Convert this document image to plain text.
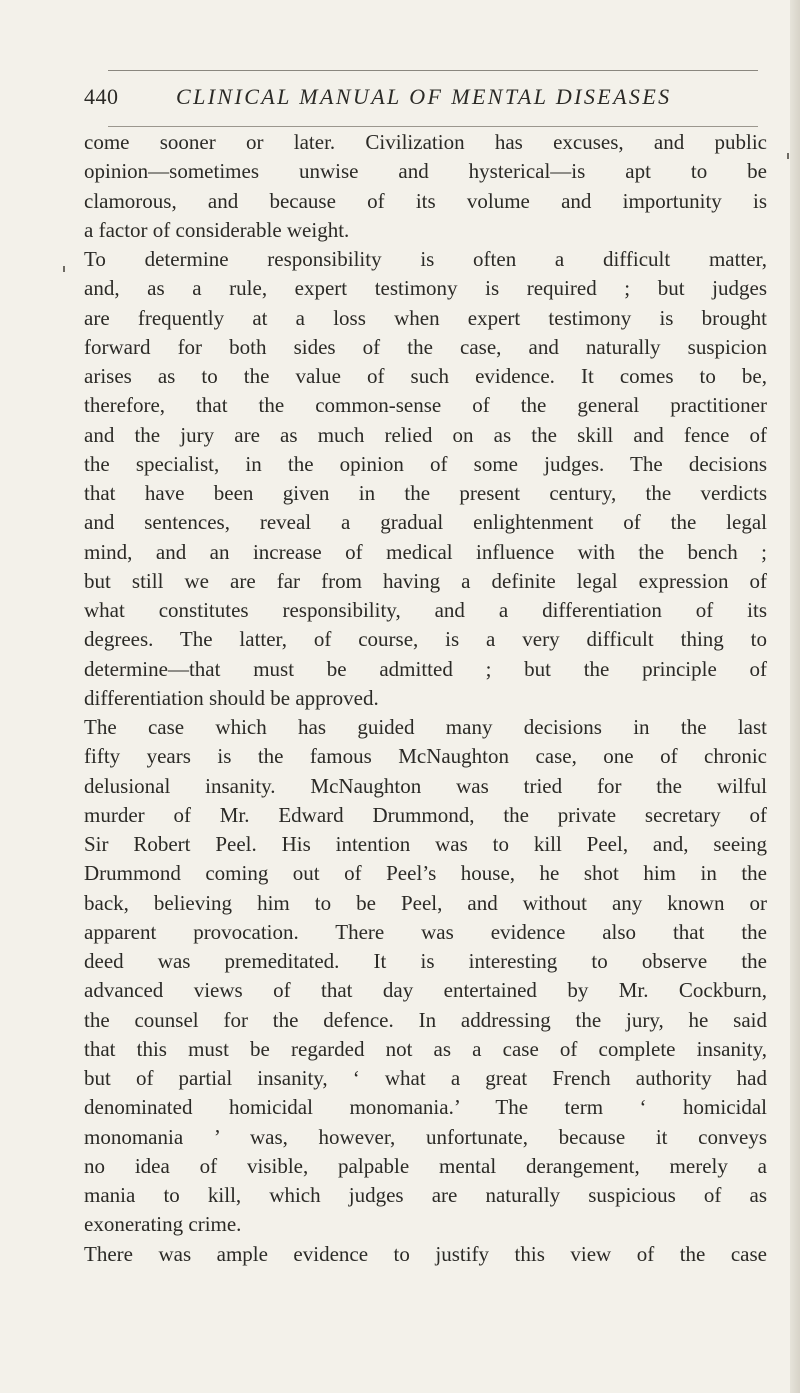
440	CLINICAL MANUAL OF MENTAL DISEASES
come sooner or later. Civilization has excuses, and public
opinion—sometimes unwise and hysterical—is apt to be
clamorous, and because of its volume and importunity is
a factor of considerable weight.
To determine responsibility is often a difficult matter,
and, as a rule, expert testimony is required ; but judges
are frequently at a loss when expert testimony is brought
forward for both sides of the case, and naturally suspicion
arises as to the value of such evidence. It comes to be,
therefore, that the common-sense of the general practitioner
and the jury are as much relied on as the skill and fence of
the specialist, in the opinion of some judges. The decisions
that have been given in the present century, the verdicts
and sentences, reveal a gradual enlightenment of the legal
mind, and an increase of medical influence with the bench ;
but still we are far from having a definite legal expression of
what constitutes responsibility, and a differentiation of its
degrees. The latter, of course, is a very difficult thing to
determine—that must be admitted ; but the principle of
differentiation should be approved.
The case which has guided many decisions in the last
fifty years is the famous McNaughton case, one of chronic
delusional insanity. McNaughton was tried for the wilful
murder of Mr. Edward Drummond, the private secretary of
Sir Robert Peel. His intention was to kill Peel, and, seeing
Drummond coming out of Peel’s house, he shot him in the
back, believing him to be Peel, and without any known or
apparent provocation. There was evidence also that the
deed was premeditated. It is interesting to observe the
advanced views of that day entertained by Mr. Cockburn,
the counsel for the defence. In addressing the jury, he said
that this must be regarded not as a case of complete insanity,
but of partial insanity, ‘ what a great French authority had
denominated homicidal monomania.’ The term ‘ homicidal
monomania ’ was, however, unfortunate, because it conveys
no idea of visible, palpable mental derangement, merely a
mania to kill, which judges are naturally suspicious of as
exonerating crime.
There was ample evidence to justify this view of the case
